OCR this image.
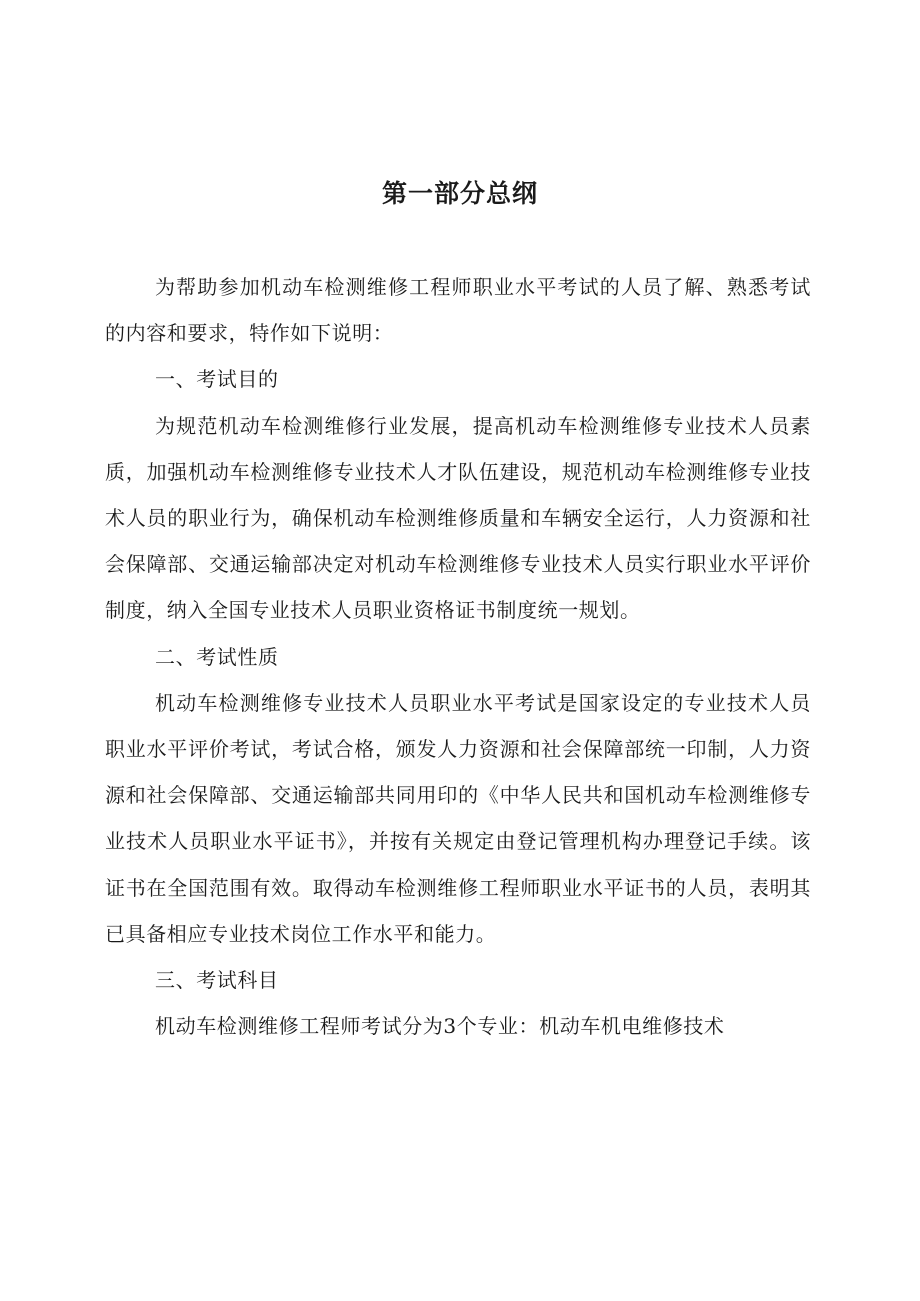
第一部分总纲

为帮助参加机动车检测维修工程师职业水平考试的人员了解、熟悉考试的内容和要求，特作如下说明：

一、考试目的

为规范机动车检测维修行业发展，提高机动车检测维修专业技术人员素质，加强机动车检测维修专业技术人才队伍建设，规范机动车检测维修专业技术人员的职业行为，确保机动车检测维修质量和车辆安全运行，人力资源和社会保障部、交通运输部决定对机动车检测维修专业技术人员实行职业水平评价制度，纳入全国专业技术人员职业资格证书制度统一规划。

二、考试性质

机动车检测维修专业技术人员职业水平考试是国家设定的专业技术人员职业水平评价考试，考试合格，颁发人力资源和社会保障部统一印制，人力资源和社会保障部、交通运输部共同用印的《中华人民共和国机动车检测维修专业技术人员职业水平证书》，并按有关规定由登记管理机构办理登记手续。该证书在全国范围有效。取得动车检测维修工程师职业水平证书的人员，表明其已具备相应专业技术岗位工作水平和能力。

三、考试科目

机动车检测维修工程师考试分为3个专业：机动车机电维修技术
